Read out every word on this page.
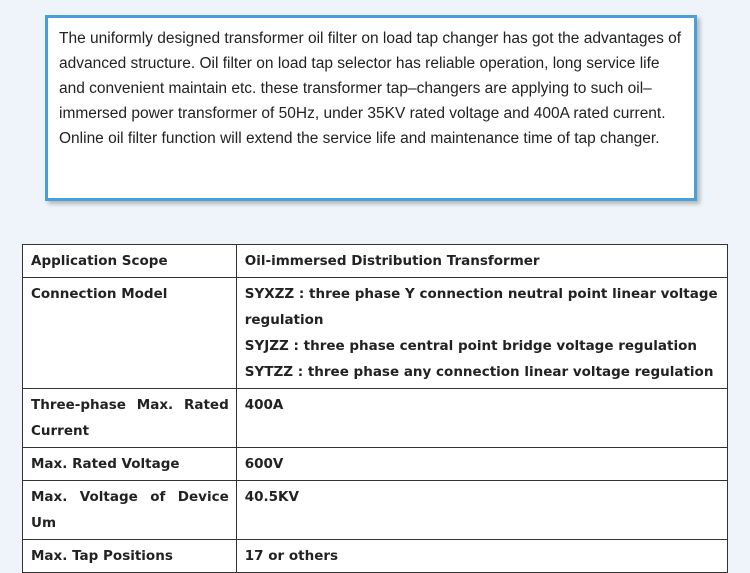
The uniformly designed transformer oil filter on load tap changer has got the advantages of advanced structure. Oil filter on load tap selector has reliable operation, long service life and convenient maintain etc. these transformer tap–changers are applying to such oil–immersed power transformer of 50Hz, under 35KV rated voltage and 400A rated current.

Online oil filter function will extend the service life and maintenance time of tap changer.

Application Scope	Oil-immersed Distribution Transformer

Connection Model	SYXZZ : three phase Y connection neutral point linear voltage regulation
SYJZZ : three phase central point bridge voltage regulation
SYTZZ : three phase any connection linear voltage regulation

Three-phase Max. Rated Current	400A

Max. Rated Voltage	600V

Max. Voltage of Device Um	40.5KV

Max. Tap Positions	17 or others
